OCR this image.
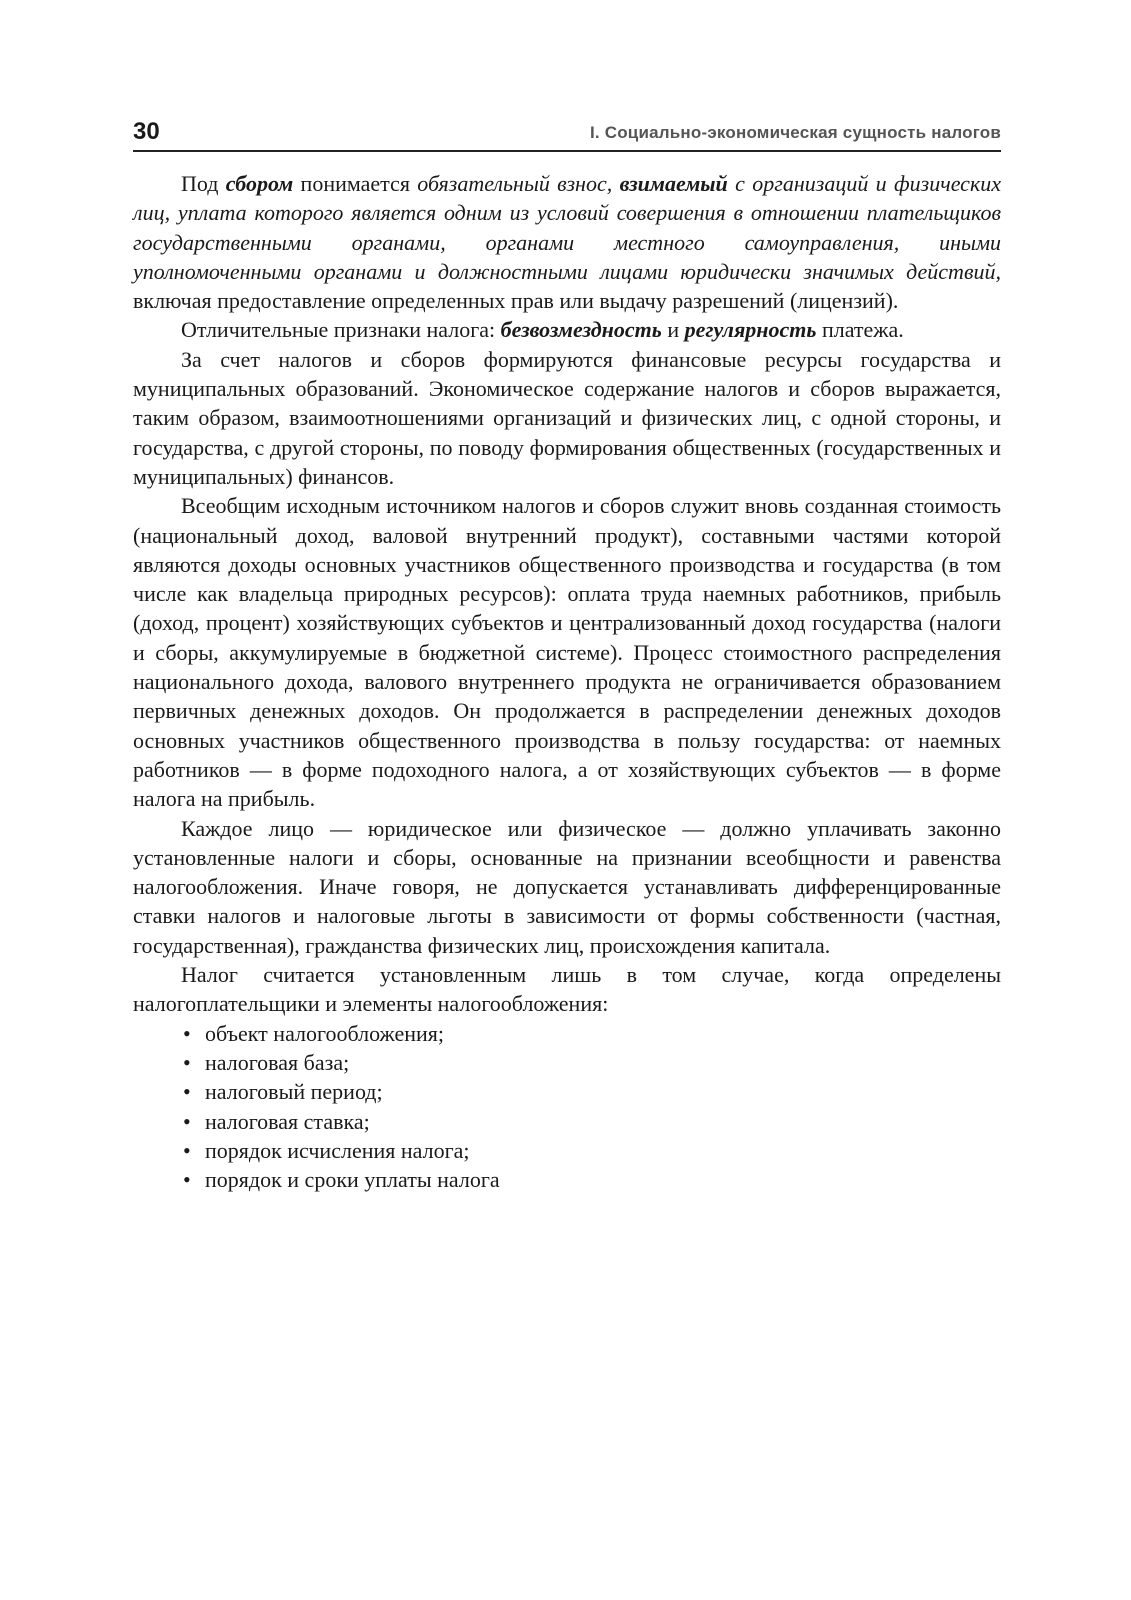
30	I. Социально-экономическая сущность налогов

Под сбором понимается обязательный взнос, взимаемый с организаций и физических лиц, уплата которого является одним из условий совершения в отношении плательщиков государственными органами, органами местного самоуправления, иными уполномоченными органами и должностными лицами юридически значимых действий, включая предоставление определенных прав или выдачу разрешений (лицензий).

Отличительные признаки налога: безвозмездность и регулярность платежа.

За счет налогов и сборов формируются финансовые ресурсы государства и муниципальных образований. Экономическое содержание налогов и сборов выражается, таким образом, взаимоотношениями организаций и физических лиц, с одной стороны, и государства, с другой стороны, по поводу формирования общественных (государственных и муниципальных) финансов.

Всеобщим исходным источником налогов и сборов служит вновь созданная стоимость (национальный доход, валовой внутренний продукт), составными частями которой являются доходы основных участников общественного производства и государства (в том числе как владельца природных ресурсов): оплата труда наемных работников, прибыль (доход, процент) хозяйствующих субъектов и централизованный доход государства (налоги и сборы, аккумулируемые в бюджетной системе). Процесс стоимостного распределения национального дохода, валового внутреннего продукта не ограничивается образованием первичных денежных доходов. Он продолжается в распределении денежных доходов основных участников общественного производства в пользу государства: от наемных работников — в форме подоходного налога, а от хозяйствующих субъектов — в форме налога на прибыль.

Каждое лицо — юридическое или физическое — должно уплачивать законно установленные налоги и сборы, основанные на признании всеобщности и равенства налогообложения. Иначе говоря, не допускается устанавливать дифференцированные ставки налогов и налоговые льготы в зависимости от формы собственности (частная, государственная), гражданства физических лиц, происхождения капитала.

Налог считается установленным лишь в том случае, когда определены налогоплательщики и элементы налогообложения:

• объект налогообложения;
• налоговая база;
• налоговый период;
• налоговая ставка;
• порядок исчисления налога;
• порядок и сроки уплаты налога
